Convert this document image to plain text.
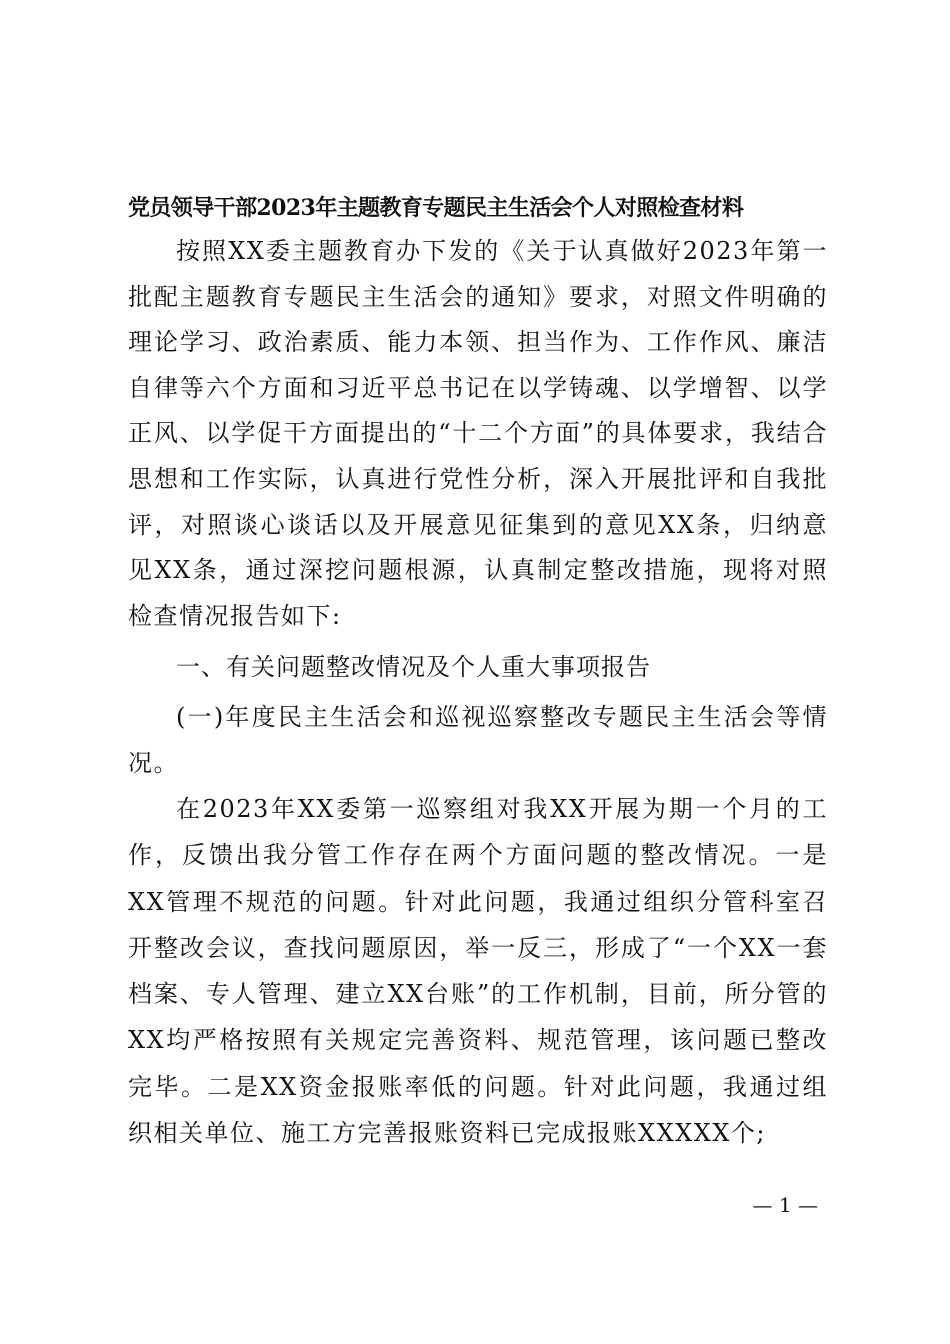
党员领导干部2023年主题教育专题民主生活会个人对照检查材料

按照XX委主题教育办下发的《关于认真做好2023年第一批配主题教育专题民主生活会的通知》要求，对照文件明确的理论学习、政治素质、能力本领、担当作为、工作作风、廉洁自律等六个方面和习近平总书记在以学铸魂、以学增智、以学正风、以学促干方面提出的“十二个方面”的具体要求，我结合思想和工作实际，认真进行党性分析，深入开展批评和自我批评，对照谈心谈话以及开展意见征集到的意见XX条，归纳意见XX条，通过深挖问题根源，认真制定整改措施，现将对照检查情况报告如下:

一、有关问题整改情况及个人重大事项报告

(一)年度民主生活会和巡视巡察整改专题民主生活会等情况。

在2023年XX委第一巡察组对我XX开展为期一个月的工作，反馈出我分管工作存在两个方面问题的整改情况。一是XX管理不规范的问题。针对此问题，我通过组织分管科室召开整改会议，查找问题原因，举一反三，形成了“一个XX一套档案、专人管理、建立XX台账”的工作机制，目前，所分管的XX均严格按照有关规定完善资料、规范管理，该问题已整改完毕。二是XX资金报账率低的问题。针对此问题，我通过组织相关单位、施工方完善报账资料已完成报账XXXXX个;

— 1 —
